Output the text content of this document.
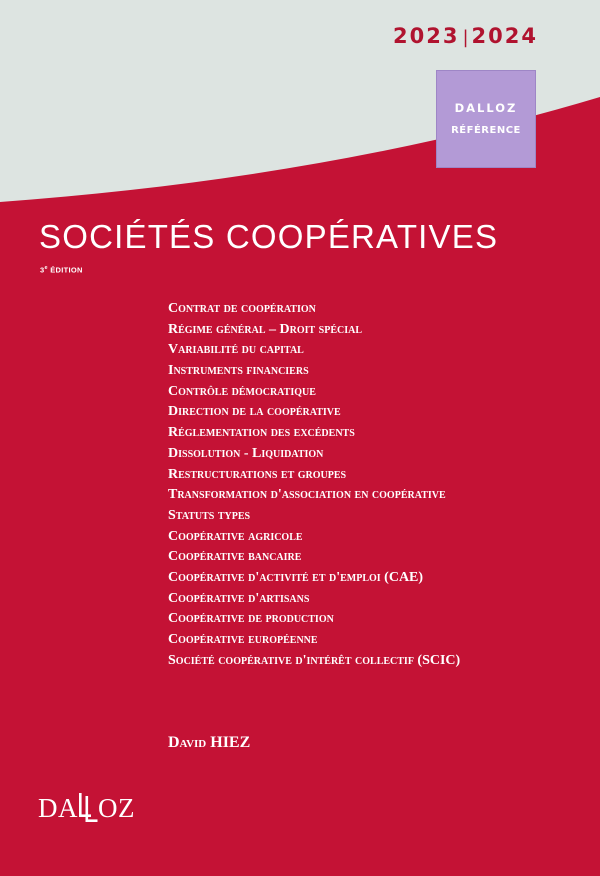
2023 | 2024
DALLOZ
RÉFÉRENCE
SOCIÉTÉS COOPÉRATIVES
3e ÉDITION
Contrat de coopération
Régime général – Droit spécial
Variabilité du capital
Instruments financiers
Contrôle démocratique
Direction de la coopérative
Réglementation des excédents
Dissolution - Liquidation
Restructurations et groupes
Transformation d'association en coopérative
Statuts types
Coopérative agricole
Coopérative bancaire
Coopérative d'activité et d'emploi (CAE)
Coopérative d'artisans
Coopérative de production
Coopérative européenne
Société coopérative d'intérêt collectif (SCIC)
David HIEZ
DA OZ
